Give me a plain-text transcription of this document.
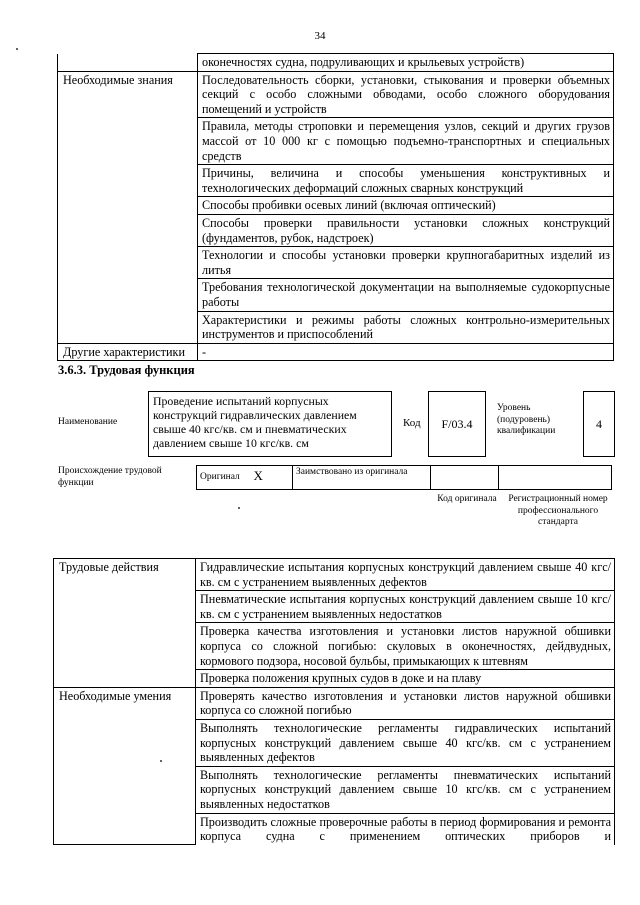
34
	оконечностях судна, подруливающих и крыльевых устройств)
Необходимые знания	Последовательность сборки, установки, стыкования и проверки объемных секций с особо сложными обводами, особо сложного оборудования помещений и устройств
	Правила, методы строповки и перемещения узлов, секций и других грузов массой от 10 000 кг с помощью подъемно-транспортных и специальных средств
	Причины, величина и способы уменьшения конструктивных и технологических деформаций сложных сварных конструкций
	Способы пробивки осевых линий (включая оптический)
	Способы проверки правильности установки сложных конструкций (фундаментов, рубок, надстроек)
	Технологии и способы установки проверки крупногабаритных изделий из литья
	Требования технологической документации на выполняемые судокорпусные работы
	Характеристики и режимы работы сложных контрольно-измерительных инструментов и приспособлений
Другие характеристики	-
3.6.3. Трудовая функция
Наименование
Проведение испытаний корпусных конструкций гидравлических давлением свыше 40 кгс/кв. см и пневматических давлением свыше 10 кгс/кв. см
Код	F/03.4
Уровень (подуровень) квалификации
4
Происхождение трудовой функции
Оригинал	X	Заимствовано из оригинала		
Код оригинала	Регистрационный номер профессионального стандарта
Трудовые действия	Гидравлические испытания корпусных конструкций давлением свыше 40 кгс/кв. см с устранением выявленных дефектов
	Пневматические испытания корпусных конструкций давлением свыше 10 кгс/кв. см с устранением выявленных недостатков
	Проверка качества изготовления и установки листов наружной обшивки корпуса со сложной погибью: скуловых в оконечностях, дейдвудных, кормового подзора, носовой бульбы, примыкающих к штевням
	Проверка положения крупных судов в доке и на плаву
Необходимые умения	Проверять качество изготовления и установки листов наружной обшивки корпуса со сложной погибью
	Выполнять технологические регламенты гидравлических испытаний корпусных конструкций давлением свыше 40 кгс/кв. см с устранением выявленных дефектов
	Выполнять технологические регламенты пневматических испытаний корпусных конструкций давлением свыше 10 кгс/кв. см с устранением выявленных недостатков
	Производить сложные проверочные работы в период формирования и ремонта корпуса судна с применением оптических приборов и
